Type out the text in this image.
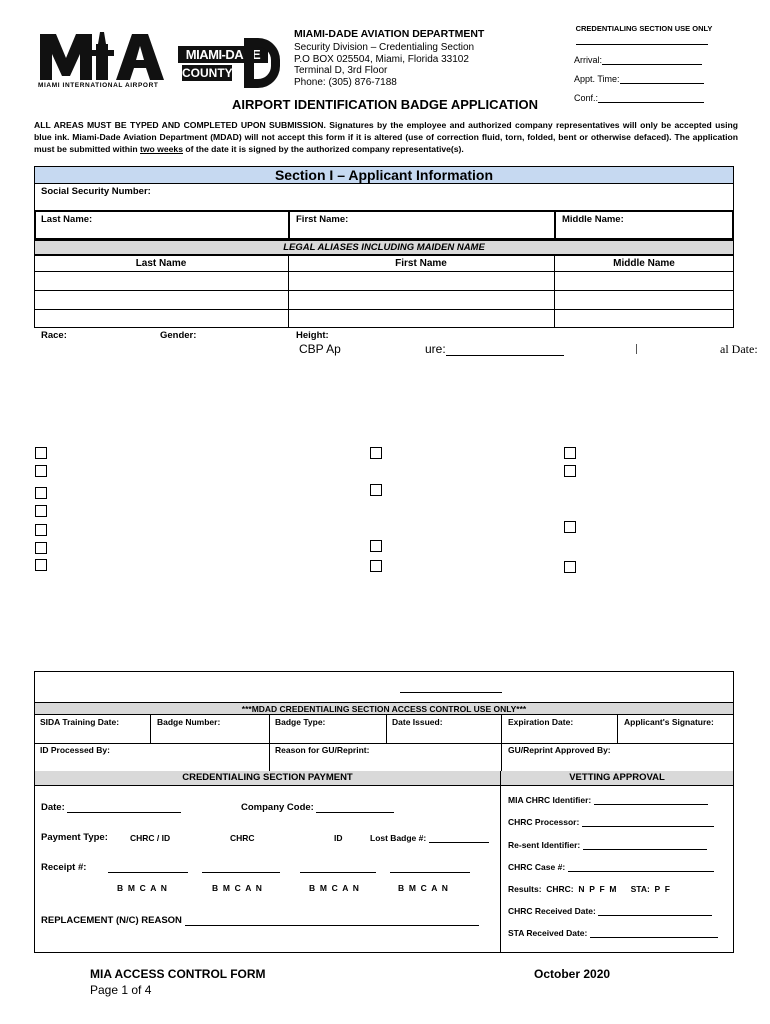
MIAMI INTERNATIONAL AIRPORT
MIAMI-DADE
COUNTY
MIAMI-DADE AVIATION DEPARTMENT
Security Division – Credentialing Section
P.O BOX 025504, Miami, Florida 33102
Terminal D, 3rd Floor
Phone: (305) 876-7188
CREDENTIALING SECTION USE ONLY
Arrival:
Appt. Time:
Conf.:
AIRPORT IDENTIFICATION BADGE APPLICATION
ALL AREAS MUST BE TYPED AND COMPLETED UPON SUBMISSION. Signatures by the employee and authorized company representatives will only be accepted using blue ink. Miami-Dade Aviation Department (MDAD) will not accept this form if it is altered (use of correction fluid, torn, folded, bent or otherwise defaced). The application must be submitted within two weeks of the date it is signed by the authorized company representative(s).
Section I – Applicant Information
Social Security Number:
Last Name:	First Name:	Middle Name:
LEGAL ALIASES INCLUDING MAIDEN NAME
Last Name	First Name	Middle Name
Race:	Gender:	Height:
CBP Ap	ure:	al Date:
***MDAD CREDENTIALING SECTION ACCESS CONTROL USE ONLY***
SIDA Training Date:	Badge Number:	Badge Type:	Date Issued:	Expiration Date:	Applicant's Signature:
ID Processed By:	Reason for GU/Reprint:	GU/Reprint Approved By:
CREDENTIALING SECTION PAYMENT	VETTING APPROVAL
Date:	Company Code:
Payment Type:	CHRC / ID	CHRC	ID	Lost Badge #:
Receipt #:
B  M  C  A  N	B  M  C  A  N	B  M  C  A  N	B  M  C  A  N
REPLACEMENT (N/C) REASON
MIA CHRC Identifier:
CHRC Processor:
Re-sent Identifier:
CHRC Case #:
Results:  CHRC:  N  P  F  M      STA:  P  F
CHRC Received Date:
STA Received Date:
MIA ACCESS CONTROL FORM
Page 1 of 4
October 2020
